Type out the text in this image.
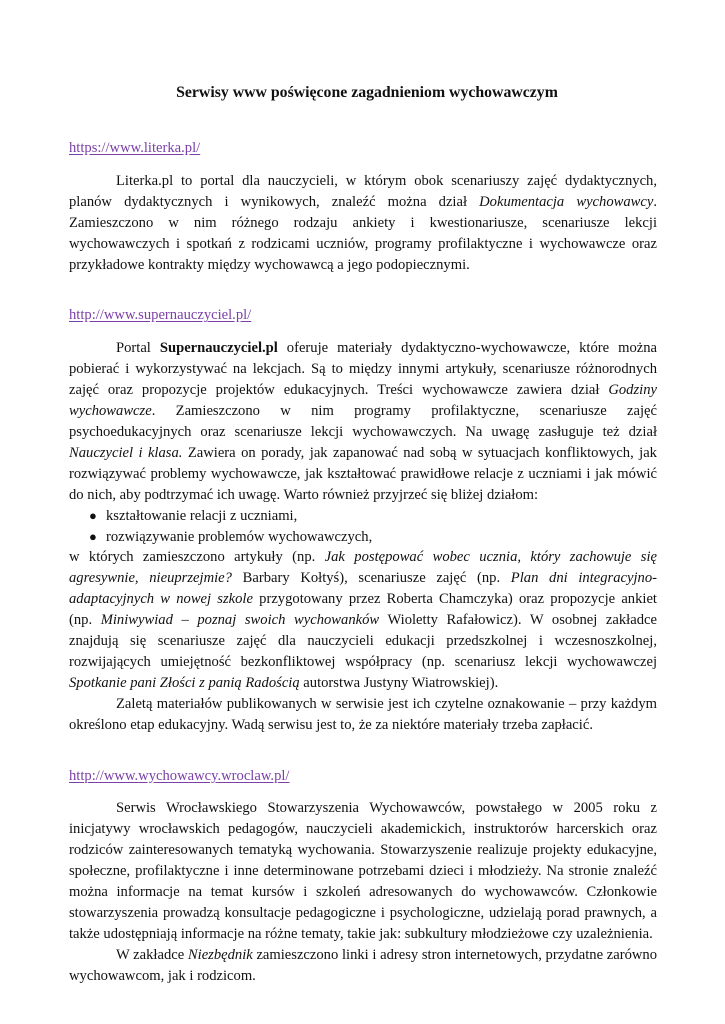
Serwisy www poświęcone zagadnieniom wychowawczym
https://www.literka.pl/

Literka.pl to portal dla nauczycieli, w którym obok scenariuszy zajęć dydaktycznych, planów dydaktycznych i wynikowych, znaleźć można dział Dokumentacja wychowawcy. Zamieszczono w nim różnego rodzaju ankiety i kwestionariusze, scenariusze lekcji wychowawczych i spotkań z rodzicami uczniów, programy profilaktyczne i wychowawcze oraz przykładowe kontrakty między wychowawcą a jego podopiecznymi.

http://www.supernauczyciel.pl/

Portal Supernauczyciel.pl oferuje materiały dydaktyczno-wychowawcze, które można pobierać i wykorzystywać na lekcjach. Są to między innymi artykuły, scenariusze różnorodnych zajęć oraz propozycje projektów edukacyjnych. Treści wychowawcze zawiera dział Godziny wychowawcze. Zamieszczono w nim programy profilaktyczne, scenariusze zajęć psychoedukacyjnych oraz scenariusze lekcji wychowawczych. Na uwagę zasługuje też dział Nauczyciel i klasa. Zawiera on porady, jak zapanować nad sobą w sytuacjach konfliktowych, jak rozwiązywać problemy wychowawcze, jak kształtować prawidłowe relacje z uczniami i jak mówić do nich, aby podtrzymać ich uwagę. Warto również przyjrzeć się bliżej działom:

● kształtowanie relacji z uczniami,
● rozwiązywanie problemów wychowawczych,

w których zamieszczono artykuły (np. Jak postępować wobec ucznia, który zachowuje się agresywnie, nieuprzejmie? Barbary Kołtyś), scenariusze zajęć (np. Plan dni integracyjno-adaptacyjnych w nowej szkole przygotowany przez Roberta Chamczyka) oraz propozycje ankiet (np. Miniwywiad – poznaj swoich wychowanków Wioletty Rafałowicz). W osobnej zakładce znajdują się scenariusze zajęć dla nauczycieli edukacji przedszkolnej i wczesnoszkolnej, rozwijających umiejętność bezkonfliktowej współpracy (np. scenariusz lekcji wychowawczej Spotkanie pani Złości z panią Radością autorstwa Justyny Wiatrowskiej).

Zaletą materiałów publikowanych w serwisie jest ich czytelne oznakowanie – przy każdym określono etap edukacyjny. Wadą serwisu jest to, że za niektóre materiały trzeba zapłacić.

http://www.wychowawcy.wroclaw.pl/

Serwis Wrocławskiego Stowarzyszenia Wychowawców, powstałego w 2005 roku z inicjatywy wrocławskich pedagogów, nauczycieli akademickich, instruktorów harcerskich oraz rodziców zainteresowanych tematyką wychowania. Stowarzyszenie realizuje projekty edukacyjne, społeczne, profilaktyczne i inne determinowane potrzebami dzieci i młodzieży. Na stronie znaleźć można informacje na temat kursów i szkoleń adresowanych do wychowawców. Członkowie stowarzyszenia prowadzą konsultacje pedagogiczne i psychologiczne, udzielają porad prawnych, a także udostępniają informacje na różne tematy, takie jak: subkultury młodzieżowe czy uzależnienia.

W zakładce Niezbędnik zamieszczono linki i adresy stron internetowych, przydatne zarówno wychowawcom, jak i rodzicom.
